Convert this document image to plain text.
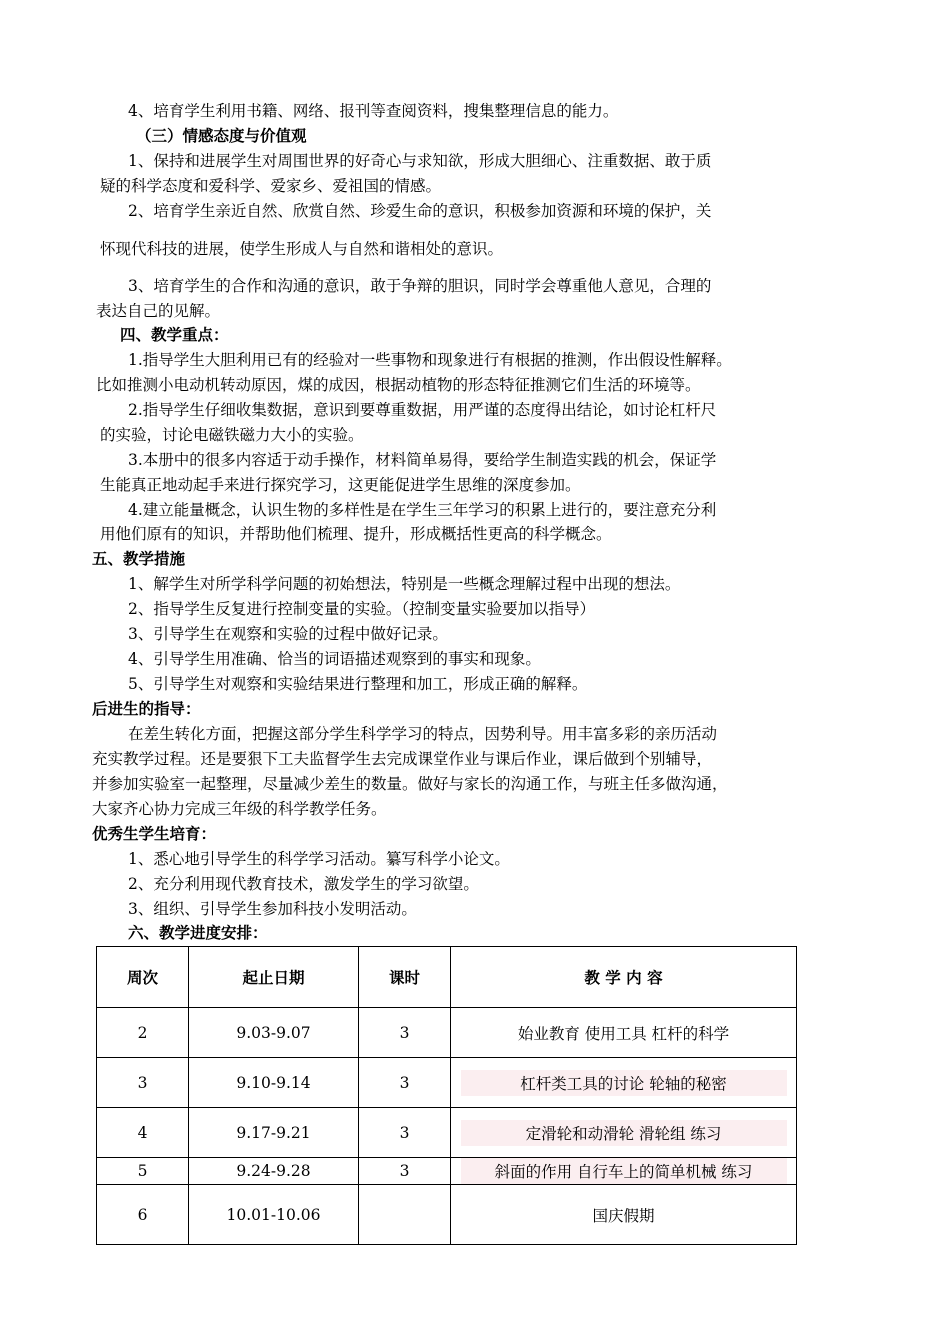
4、培育学生利用书籍、网络、报刊等查阅资料，搜集整理信息的能力。
（三）情感态度与价值观
1、保持和进展学生对周围世界的好奇心与求知欲，形成大胆细心、注重数据、敢于质
疑的科学态度和爱科学、爱家乡、爱祖国的情感。
2、培育学生亲近自然、欣赏自然、珍爱生命的意识，积极参加资源和环境的保护，关
怀现代科技的进展，使学生形成人与自然和谐相处的意识。
3、培育学生的合作和沟通的意识，敢于争辩的胆识，同时学会尊重他人意见，合理的
表达自己的见解。
四、教学重点：
1.指导学生大胆利用已有的经验对一些事物和现象进行有根据的推测，作出假设性解释。
比如推测小电动机转动原因，煤的成因，根据动植物的形态特征推测它们生活的环境等。
2.指导学生仔细收集数据，意识到要尊重数据，用严谨的态度得出结论，如讨论杠杆尺
的实验，讨论电磁铁磁力大小的实验。
3.本册中的很多内容适于动手操作，材料简单易得，要给学生制造实践的机会，保证学
生能真正地动起手来进行探究学习，这更能促进学生思维的深度参加。
4.建立能量概念，认识生物的多样性是在学生三年学习的积累上进行的，要注意充分利
用他们原有的知识，并帮助他们梳理、提升，形成概括性更高的科学概念。
五、教学措施
1、解学生对所学科学问题的初始想法，特别是一些概念理解过程中出现的想法。
2、指导学生反复进行控制变量的实验。（控制变量实验要加以指导）
3、引导学生在观察和实验的过程中做好记录。
4、引导学生用准确、恰当的词语描述观察到的事实和现象。
5、引导学生对观察和实验结果进行整理和加工，形成正确的解释。
后进生的指导：
在差生转化方面，把握这部分学生科学学习的特点，因势利导。用丰富多彩的亲历活动
充实教学过程。还是要狠下工夫监督学生去完成课堂作业与课后作业，课后做到个别辅导，
并参加实验室一起整理，尽量减少差生的数量。做好与家长的沟通工作，与班主任多做沟通，
大家齐心协力完成三年级的科学教学任务。
优秀生学生培育：
1、悉心地引导学生的科学学习活动。纂写科学小论文。
2、充分利用现代教育技术，激发学生的学习欲望。
3、组织、引导学生参加科技小发明活动。
六、教学进度安排：
周次	起止日期	课时	教 学 内 容
2	9.03-9.07	3	始业教育 使用工具 杠杆的科学
3	9.10-9.14	3	杠杆类工具的讨论 轮轴的秘密
4	9.17-9.21	3	定滑轮和动滑轮 滑轮组 练习
5	9.24-9.28	3	斜面的作用 自行车上的简单机械 练习
6	10.01-10.06		国庆假期
